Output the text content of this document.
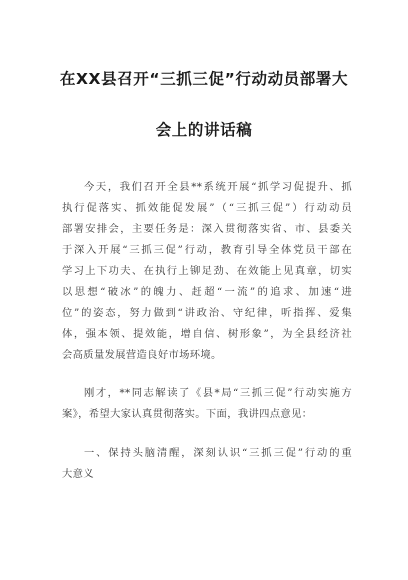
在XX县召开“三抓三促”行动动员部署大
会上的讲话稿
今天，我们召开全县**系统开展“抓学习促提升、抓
执行促落实、抓效能促发展”（“三抓三促”）行动动员
部署安排会，主要任务是：深入贯彻落实省、市、县委关
于深入开展“三抓三促”行动，教育引导全体党员干部在
学习上下功夫、在执行上铆足劲、在效能上见真章，切实
以思想“破冰”的魄力、赶超“一流”的追求、加速“进
位”的姿态，努力做到“讲政治、守纪律，听指挥、爱集
体，强本领、提效能，增自信、树形象”，为全县经济社
会高质量发展营造良好市场环境。
刚才，**同志解读了《县*局“三抓三促”行动实施方
案》，希望大家认真贯彻落实。下面，我讲四点意见：
一、保持头脑清醒，深刻认识“三抓三促”行动的重
大意义
